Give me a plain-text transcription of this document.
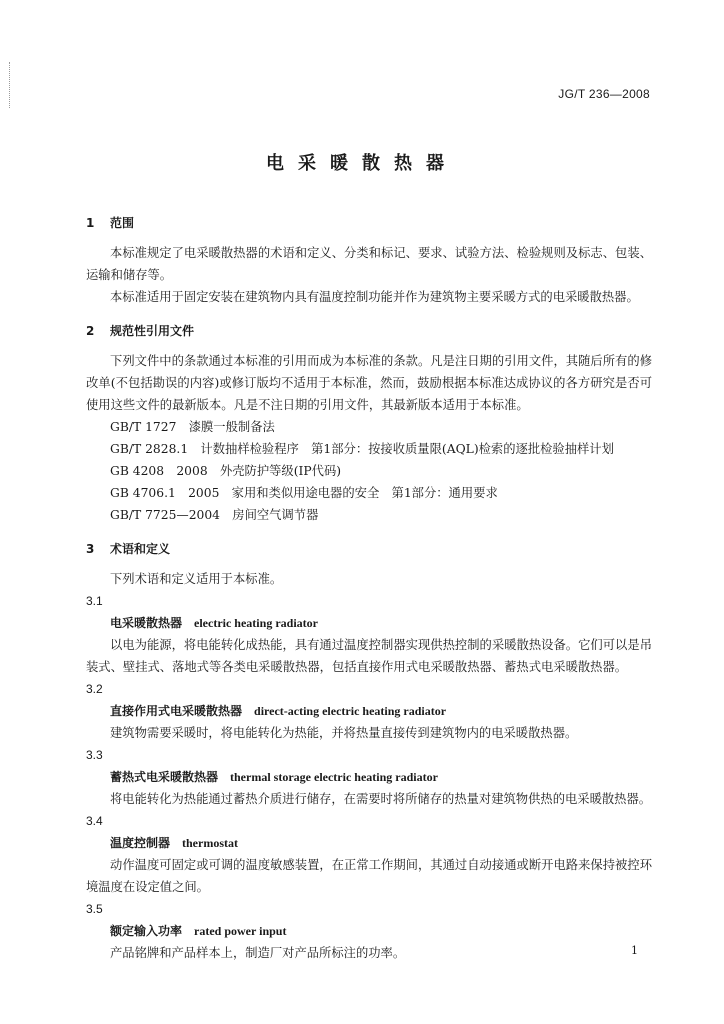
JG/T 236—2008
电采暖散热器
1 范围
本标准规定了电采暖散热器的术语和定义、分类和标记、要求、试验方法、检验规则及标志、包装、运输和储存等。
本标准适用于固定安装在建筑物内具有温度控制功能并作为建筑物主要采暖方式的电采暖散热器。
2 规范性引用文件
下列文件中的条款通过本标准的引用而成为本标准的条款。凡是注日期的引用文件，其随后所有的修改单(不包括勘误的内容)或修订版均不适用于本标准，然而，鼓励根据本标准达成协议的各方研究是否可使用这些文件的最新版本。凡是不注日期的引用文件，其最新版本适用于本标准。
GB/T 1727　漆膜一般制备法
GB/T 2828.1　计数抽样检验程序　第1部分：按接收质量限(AQL)检索的逐批检验抽样计划
GB 4208　2008　外壳防护等级(IP代码)
GB 4706.1　2005　家用和类似用途电器的安全　第1部分：通用要求
GB/T 7725—2004　房间空气调节器
3 术语和定义
下列术语和定义适用于本标准。
3.1
电采暖散热器 electric heating radiator
以电为能源，将电能转化成热能，具有通过温度控制器实现供热控制的采暖散热设备。它们可以是吊装式、壁挂式、落地式等各类电采暖散热器，包括直接作用式电采暖散热器、蓄热式电采暖散热器。
3.2
直接作用式电采暖散热器 direct-acting electric heating radiator
建筑物需要采暖时，将电能转化为热能，并将热量直接传到建筑物内的电采暖散热器。
3.3
蓄热式电采暖散热器 thermal storage electric heating radiator
将电能转化为热能通过蓄热介质进行储存，在需要时将所储存的热量对建筑物供热的电采暖散热器。
3.4
温度控制器 thermostat
动作温度可固定或可调的温度敏感装置，在正常工作期间，其通过自动接通或断开电路来保持被控环境温度在设定值之间。
3.5
额定输入功率 rated power input
产品铭牌和产品样本上，制造厂对产品所标注的功率。	1
